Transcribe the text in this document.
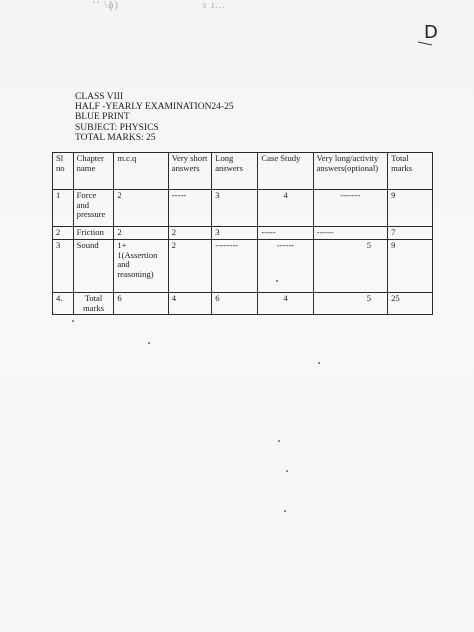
ʼʼ \ɸ)	ɜ ɹ...
D
CLASS VIII
HALF -YEARLY EXAMINATION24-25
BLUE PRINT
SUBJECT: PHYSICS
TOTAL MARKS: 25
Sl no	Chapter name	m.c.q	Very short answers	Long answers	Case Study	Very long/activity answers(optional)	Total marks
1	Force and pressure	2	-----	3	4	-------	9
2	Friction	2	2	3	-----	------	7
3	Sound	1+ 1(Assertion and reasoning)	2	--------	------	5	9
4.	Total marks	6	4	6	4	5	25
